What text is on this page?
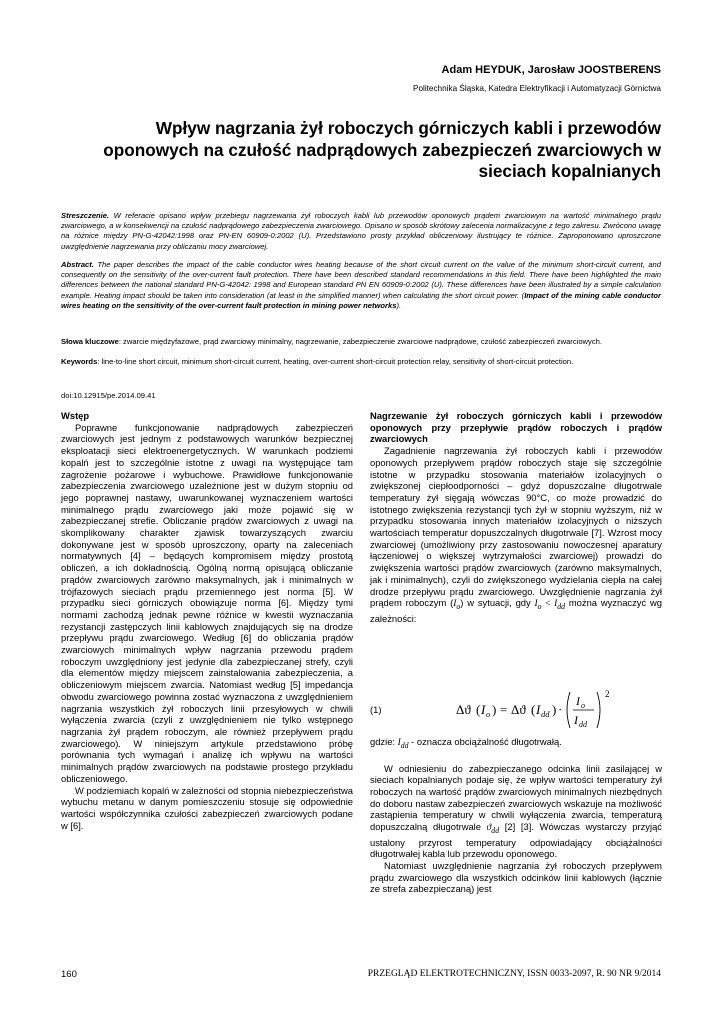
Adam HEYDUK, Jarosław JOOSTBERENS
Politechnika Śląska, Katedra Elektryfikacji i Automatyzacji Górnictwa
Wpływ nagrzania żył roboczych górniczych kabli i przewodów oponowych na czułość nadprądowych zabezpieczeń zwarciowych w sieciach kopalnianych
Streszczenie. W referacie opisano wpływ przebiegu nagrzewania żył roboczych kabli lub przewodów oponowych prądem zwarciowym na wartość minimalnego prądu zwarciowego, a w konsekwencji na czułość nadprądowego zabezpieczenia zwarciowego. Opisano w sposób skrótowy zalecenia normalizacyjne z tego zakresu. Zwrócono uwagę na różnice między PN-G-42042:1998 oraz PN-EN 60909-0:2002 (U). Przedstawiono prosty przykład obliczeniowy ilustrujący te różnice. Zaproponowano uproszczone uwzględnienie nagrzewania przy obliczaniu mocy zwarciowej.
Abstract. The paper describes the impact of the cable conductor wires heating because of the short circuit current on the value of the minimum short-circuit current, and consequently on the sensitivity of the over-current fault protection. There have been described standard recommendations in this field. There have been highlighted the main differences between the national standard PN-G-42042: 1998 and European standard PN EN 60909-0:2002 (U). These differences have been illustrated by a simple calculation example. Heating impact should be taken into consideration (at least in the simplified manner) when calculating the short circuit power. (Impact of the mining cable conductor wires heating on the sensitivity of the over-current fault protection in mining power networks).
Słowa kluczowe: zwarcie międzyfazowe, prąd zwarciowy minimalny, nagrzewanie, zabezpieczenie zwarciowe nadprądowe, czułość zabezpieczeń zwarciowych.
Keywords: line-to-line short circuit, minimum short-circuit current, heating, over-current short-circuit protection relay, sensitivity of short-circuit protection.
doi:10.12915/pe.2014.09.41

Wstęp

Poprawne funkcjonowanie nadprądowych zabezpieczeń zwarciowych jest jednym z podstawowych warunków bezpiecznej eksploatacji sieci elektroenergetycznych. W warunkach podziemi kopalń jest to szczególnie istotne z uwagi na występujące tam zagrożenie pożarowe i wybuchowe. Prawidłowe funkcjonowanie zabezpieczenia zwarciowego uzależnione jest w dużym stopniu od jego poprawnej nastawy, uwarunkowanej wyznaczeniem wartości minimalnego prądu zwarciowego jaki może pojawić się w zabezpieczanej strefie. Obliczanie prądów zwarciowych z uwagi na skomplikowany charakter zjawisk towarzyszących zwarciu dokonywane jest w sposób uproszczony, oparty na zaleceniach normatywnych [4] – będących kompromisem między prostotą obliczeń, a ich dokładnością. Ogólną normą opisującą obliczanie prądów zwarciowych zarówno maksymalnych, jak i minimalnych w trójfazowych sieciach prądu przemiennego jest norma [5]. W przypadku sieci górniczych obowiązuje norma [6]. Między tymi normami zachodzą jednak pewne różnice w kwestii wyznaczania rezystancji zastępczych linii kablowych znajdujących się na drodze przepływu prądu zwarciowego. Według [6] do obliczania prądów zwarciowych minimalnych wpływ nagrzania przewodu prądem roboczym uwzględniony jest jedynie dla zabezpieczanej strefy, czyli dla elementów między miejscem zainstalowania zabezpieczenia, a obliczeniowym miejscem zwarcia. Natomiast według [5] impedancja obwodu zwarciowego powinna zostać wyznaczona z uwzględnieniem nagrzania wszystkich żył roboczych linii przesyłowych w chwili wyłączenia zwarcia (czyli z uwzględnieniem nie tylko wstępnego nagrzania żył prądem roboczym, ale również przepływem prądu zwarciowego). W niniejszym artykule przedstawiono próbę porównania tych wymagań i analizę ich wpływu na wartości minimalnych prądów zwarciowych na podstawie prostego przykładu obliczeniowego.

W podziemiach kopalń w zależności od stopnia niebezpieczeństwa wybuchu metanu w danym pomieszczeniu stosuje się odpowiednie wartości współczynnika czułości zabezpieczeń zwarciowych podane w [6].

Nagrzewanie żył roboczych górniczych kabli i przewodów oponowych przy przepływie prądów roboczych i prądów zwarciowych

Zagadnienie nagrzewania żył roboczych kabli i przewodów oponowych przepływem prądów roboczych staje się szczególnie istotne w przypadku stosowania materiałów izolacyjnych o zwiększonej ciepłoodporności – gdyż dopuszczalne długotrwale temperatury żył sięgają wówczas 90°C, co może prowadzić do istotnego zwiększenia rezystancji tych żył w stopniu wyższym, niż w przypadku stosowania innych materiałów izolacyjnych o niższych wartościach temperatur dopuszczalnych długotrwale [7]. Wzrost mocy zwarciowej (umożliwiony przy zastosowaniu nowoczesnej aparatury łączeniowej o większej wytrzymałości zwarciowej) prowadzi do zwiększenia wartości prądów zwarciowych (zarówno maksymalnych, jak i minimalnych), czyli do zwiększonego wydzielania ciepła na całej drodze przepływu prądu zwarciowego. Uwzględnienie nagrzania żył prądem roboczym $(I_o)$ w sytuacji, gdy $I_o < I_{dd}$ można wyznaczyć wg zależności:

(1)	Δϑ ( I o ) = Δϑ ( I dd ) ·
I o
I dd
2

gdzie: $I_{dd}$ - oznacza obciążalność długotrwałą.

W odniesieniu do zabezpieczanego odcinka linii zasilającej w sieciach kopalnianych podaje się, że wpływ wartości temperatury żył roboczych na wartość prądów zwarciowych minimalnych niezbędnych do doboru nastaw zabezpieczeń zwarciowych wskazuje na możliwość zastąpienia temperatury w chwili wyłączenia zwarcia, temperaturą dopuszczalną długotrwale $ϑ_{dd}$ [2] [3]. Wówczas wystarczy przyjąć ustalony przyrost temperatury odpowiadający obciążalności długotrwałej kabla lub przewodu oponowego.

Natomiast uwzględnienie nagrzania żył roboczych przepływem prądu zwarciowego dla wszystkich odcinków linii kablowych (łącznie ze strefa zabezpieczaną) jest

160	PRZEGLĄD ELEKTROTECHNICZNY, ISSN 0033-2097, R. 90 NR 9/2014
